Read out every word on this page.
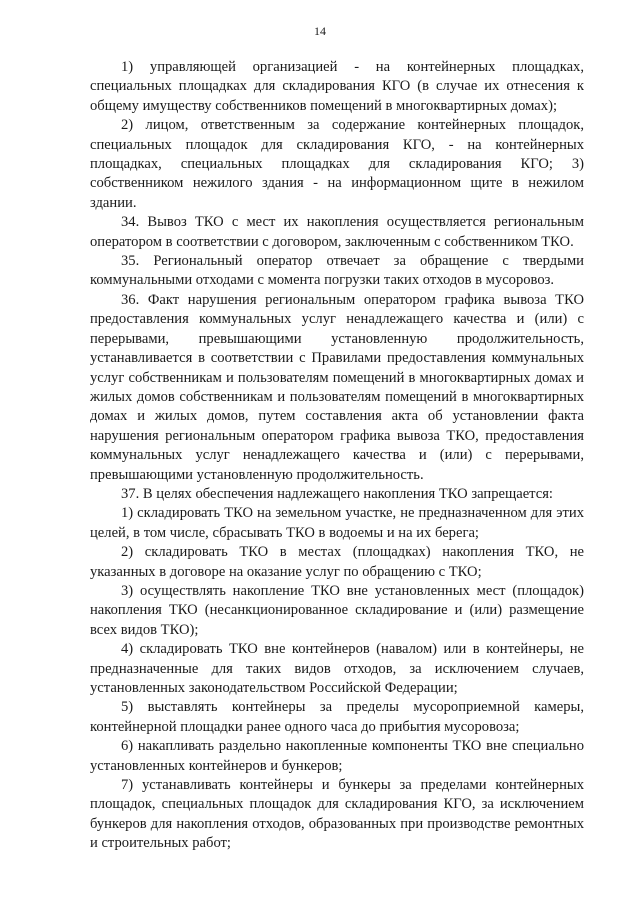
14

1) управляющей организацией - на контейнерных площадках, специальных площадках для складирования КГО (в случае их отнесения к общему имуществу собственников помещений в многоквартирных домах);

2) лицом, ответственным за содержание контейнерных площадок, специальных площадок для складирования КГО, - на контейнерных площадках, специальных площадках для складирования КГО; 3) собственником нежилого здания - на информационном щите в нежилом здании.

34. Вывоз ТКО с мест их накопления осуществляется региональным оператором в соответствии с договором, заключенным с собственником ТКО.

35. Региональный оператор отвечает за обращение с твердыми коммунальными отходами с момента погрузки таких отходов в мусоровоз.

36. Факт нарушения региональным оператором графика вывоза ТКО предоставления коммунальных услуг ненадлежащего качества и (или) с перерывами, превышающими установленную продолжительность, устанавливается в соответствии с Правилами предоставления коммунальных услуг собственникам и пользователям помещений в многоквартирных домах и жилых домов собственникам и пользователям помещений в многоквартирных домах и жилых домов, путем составления акта об установлении факта нарушения региональным оператором графика вывоза ТКО, предоставления коммунальных услуг ненадлежащего качества и (или) с перерывами, превышающими установленную продолжительность.

37. В целях обеспечения надлежащего накопления ТКО запрещается:

1) складировать ТКО на земельном участке, не предназначенном для этих целей, в том числе, сбрасывать ТКО в водоемы и на их берега;

2) складировать ТКО в местах (площадках) накопления ТКО, не указанных в договоре на оказание услуг по обращению с ТКО;

3) осуществлять накопление ТКО вне установленных мест (площадок) накопления ТКО (несанкционированное складирование и (или) размещение всех видов ТКО);

4) складировать ТКО вне контейнеров (навалом) или в контейнеры, не предназначенные для таких видов отходов, за исключением случаев, установленных законодательством Российской Федерации;

5) выставлять контейнеры за пределы мусороприемной камеры, контейнерной площадки ранее одного часа до прибытия мусоровоза;

6) накапливать раздельно накопленные компоненты ТКО вне специально установленных контейнеров и бункеров;

7) устанавливать контейнеры и бункеры за пределами контейнерных площадок, специальных площадок для складирования КГО, за исключением бункеров для накопления отходов, образованных при производстве ремонтных и строительных работ;
